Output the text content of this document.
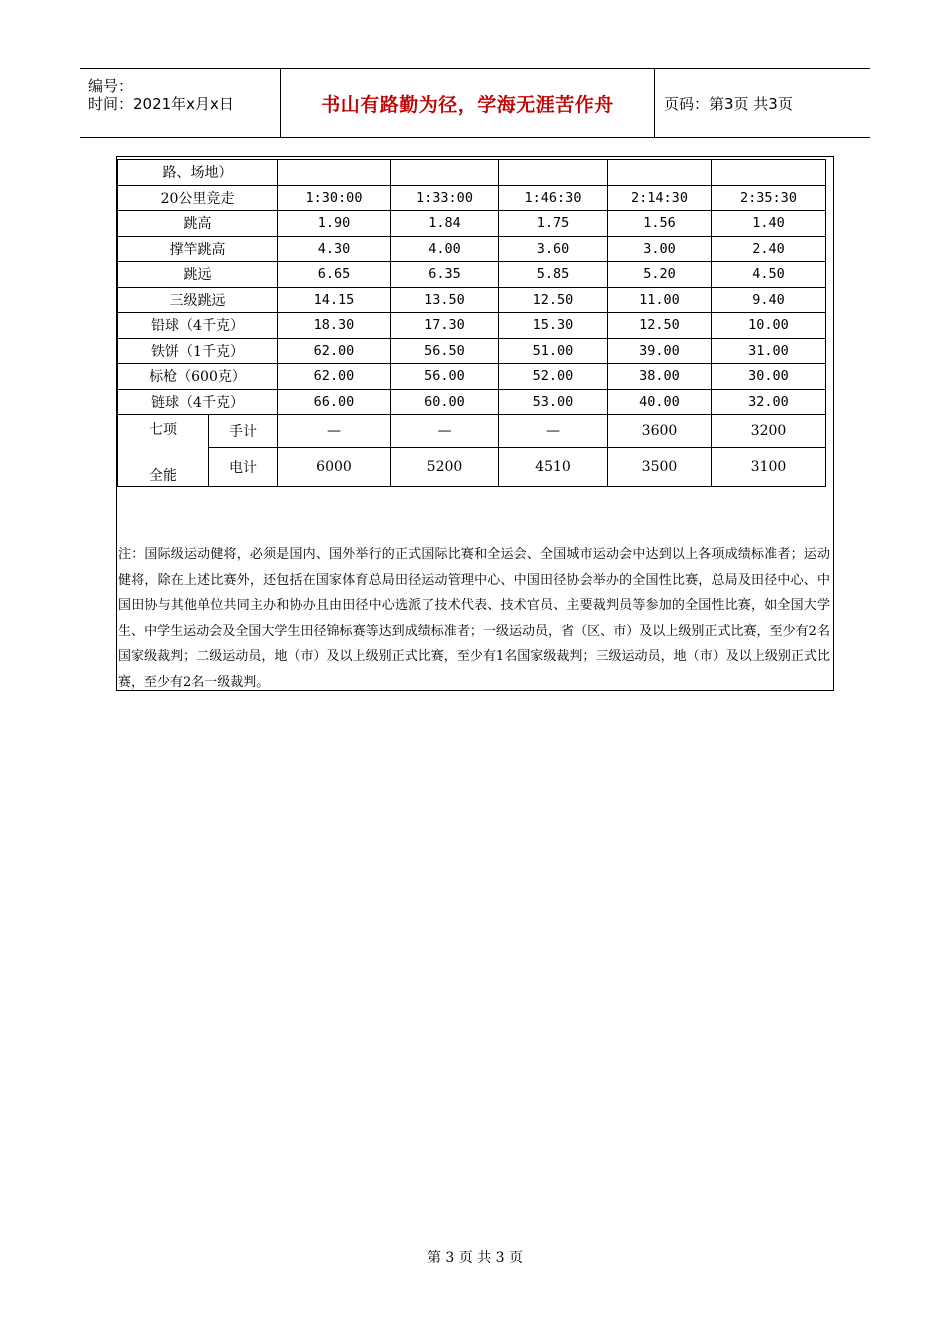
编号：
时间：2021年x月x日	书山有路勤为径，学海无涯苦作舟	页码：第3页 共3页
路、场地）						
20公里竞走		1:30:00	1:33:00	1:46:30	2:14:30	2:35:30
跳高		1.90	1.84	1.75	1.56	1.40
撑竿跳高		4.30	4.00	3.60	3.00	2.40
跳远		6.65	6.35	5.85	5.20	4.50
三级跳远		14.15	13.50	12.50	11.00	9.40
铅球（4千克）		18.30	17.30	15.30	12.50	10.00
铁饼（1千克）		62.00	56.50	51.00	39.00	31.00
标枪（600克）		62.00	56.00	52.00	38.00	30.00
链球（4千克）		66.00	60.00	53.00	40.00	32.00

七项
全能	手计	—	—	—	3600	3200
	电计	6000	5200	4510	3500	3100
注：国际级运动健将，必须是国内、国外举行的正式国际比赛和全运会、全国城市运动会中达到以上各项成绩标准者；运动健将，除在上述比赛外，还包括在国家体育总局田径运动管理中心、中国田径协会举办的全国性比赛，总局及田径中心、中国田协与其他单位共同主办和协办且由田径中心选派了技术代表、技术官员、主要裁判员等参加的全国性比赛，如全国大学生、中学生运动会及全国大学生田径锦标赛等达到成绩标准者；一级运动员，省（区、市）及以上级别正式比赛，至少有2名国家级裁判；二级运动员，地（市）及以上级别正式比赛，至少有1名国家级裁判；三级运动员，地（市）及以上级别正式比赛，至少有2名一级裁判。
第 3 页 共 3 页
